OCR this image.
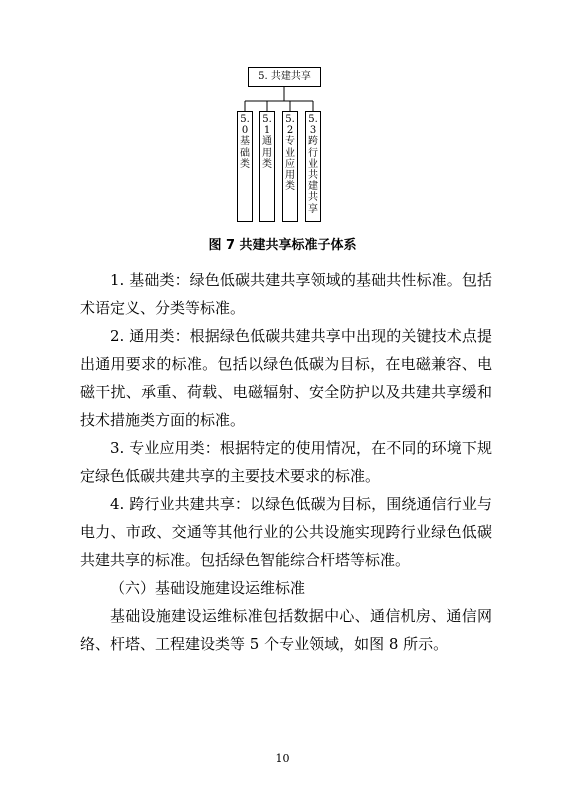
5. 共建共享
5.0基础类
5.1通用类
5.2专业应用类
5.3跨行业共建共享
图 7 共建共享标准子体系

1. 基础类：绿色低碳共建共享领域的基础共性标准。包括术语定义、分类等标准。

2. 通用类：根据绿色低碳共建共享中出现的关键技术点提出通用要求的标准。包括以绿色低碳为目标，在电磁兼容、电磁干扰、承重、荷载、电磁辐射、安全防护以及共建共享缓和技术措施类方面的标准。

3. 专业应用类：根据特定的使用情况，在不同的环境下规定绿色低碳共建共享的主要技术要求的标准。

4. 跨行业共建共享：以绿色低碳为目标，围绕通信行业与电力、市政、交通等其他行业的公共设施实现跨行业绿色低碳共建共享的标准。包括绿色智能综合杆塔等标准。

（六）基础设施建设运维标准

基础设施建设运维标准包括数据中心、通信机房、通信网络、杆塔、工程建设类等 5 个专业领域，如图 8 所示。

10
